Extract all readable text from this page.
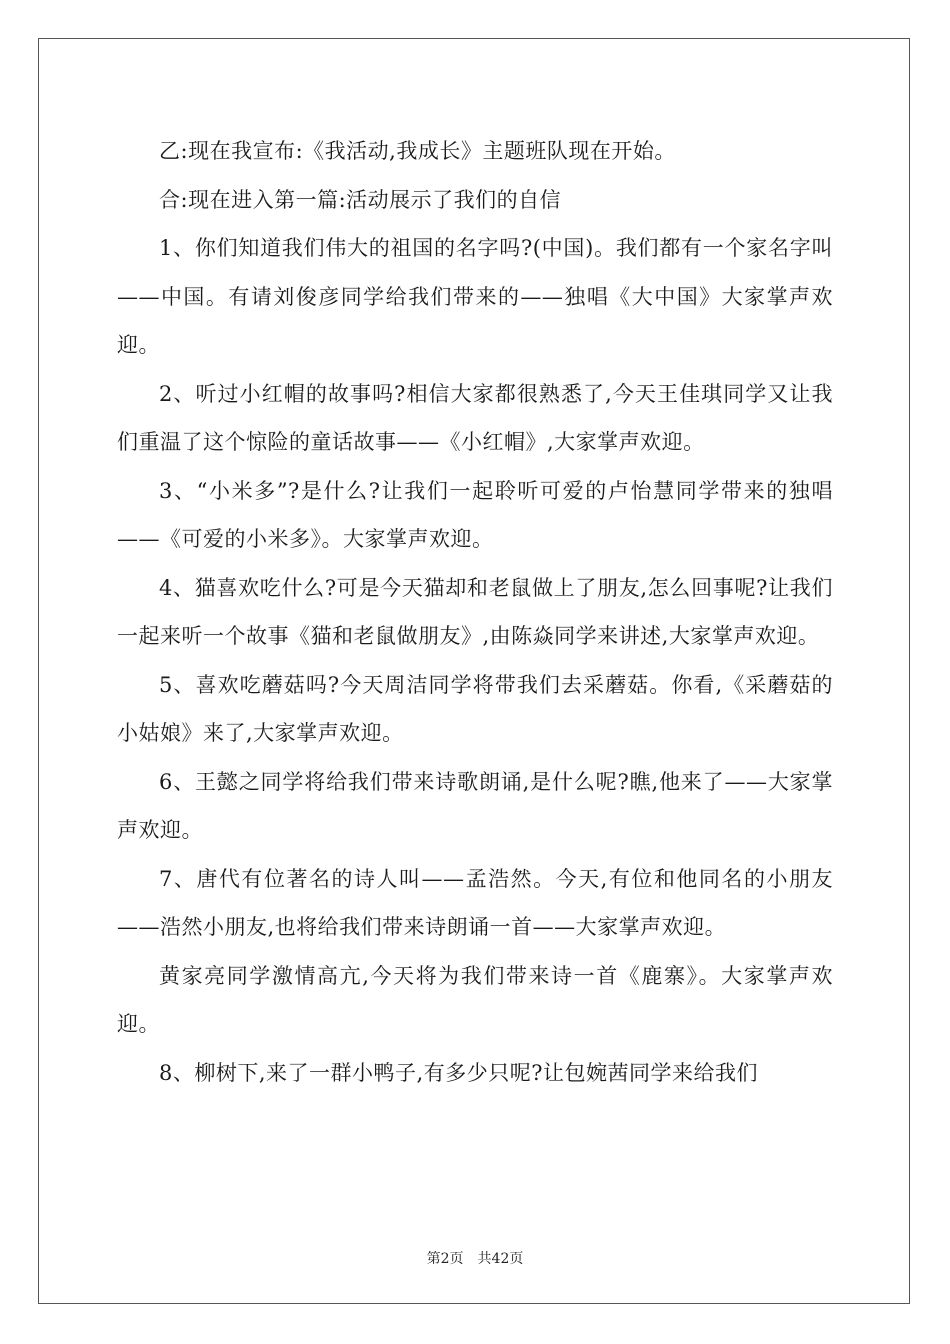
乙:现在我宣布:《我活动,我成长》主题班队现在开始。

合:现在进入第一篇:活动展示了我们的自信

1、你们知道我们伟大的祖国的名字吗?(中国)。我们都有一个家名字叫——中国。有请刘俊彦同学给我们带来的——独唱《大中国》大家掌声欢迎。

2、听过小红帽的故事吗?相信大家都很熟悉了,今天王佳琪同学又让我们重温了这个惊险的童话故事——《小红帽》,大家掌声欢迎。

3、“小米多”?是什么?让我们一起聆听可爱的卢怡慧同学带来的独唱——《可爱的小米多》。大家掌声欢迎。

4、猫喜欢吃什么?可是今天猫却和老鼠做上了朋友,怎么回事呢?让我们一起来听一个故事《猫和老鼠做朋友》,由陈焱同学来讲述,大家掌声欢迎。

5、喜欢吃蘑菇吗?今天周洁同学将带我们去采蘑菇。你看,《采蘑菇的小姑娘》来了,大家掌声欢迎。

6、王懿之同学将给我们带来诗歌朗诵,是什么呢?瞧,他来了——大家掌声欢迎。

7、唐代有位著名的诗人叫——孟浩然。今天,有位和他同名的小朋友——浩然小朋友,也将给我们带来诗朗诵一首——大家掌声欢迎。

黄家亮同学激情高亢,今天将为我们带来诗一首《鹿寨》。大家掌声欢迎。

8、柳树下,来了一群小鸭子,有多少只呢?让包婉茜同学来给我们

第2页 共42页
